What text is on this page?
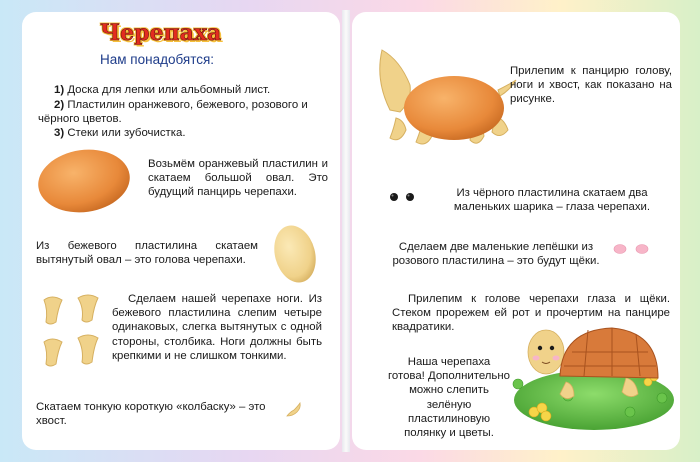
Черепаха

Нам понадобятся:

1) Доска для лепки или альбомный лист.
2) Пластилин оранжевого, бежевого, розового и чёрного цветов.
3) Стеки или зубочистка.

Возьмём оранжевый пластилин и скатаем большой овал. Это будущий панцирь черепахи.

Из бежевого пластилина скатаем вытянутый овал – это голова черепахи.

Сделаем нашей черепахе ноги. Из бежевого пластилина слепим четыре одинаковых, слегка вытянутых с одной стороны, столбика. Ноги должны быть крепкими и не слишком тонкими.

Скатаем тонкую короткую «колбаску» – это хвост.

Прилепим к панцирю голову, ноги и хвост, как показано на рисунке.

Из чёрного пластилина скатаем два маленьких шарика – глаза черепахи.

Сделаем две маленькие лепёшки из розового пластилина – это будут щёки.

Прилепим к голове черепахи глаза и щёки. Стеком прорежем ей рот и прочертим на панцире квадратики.

Наша черепаха готова! Дополнительно можно слепить зелёную пластилиновую полянку и цветы.
